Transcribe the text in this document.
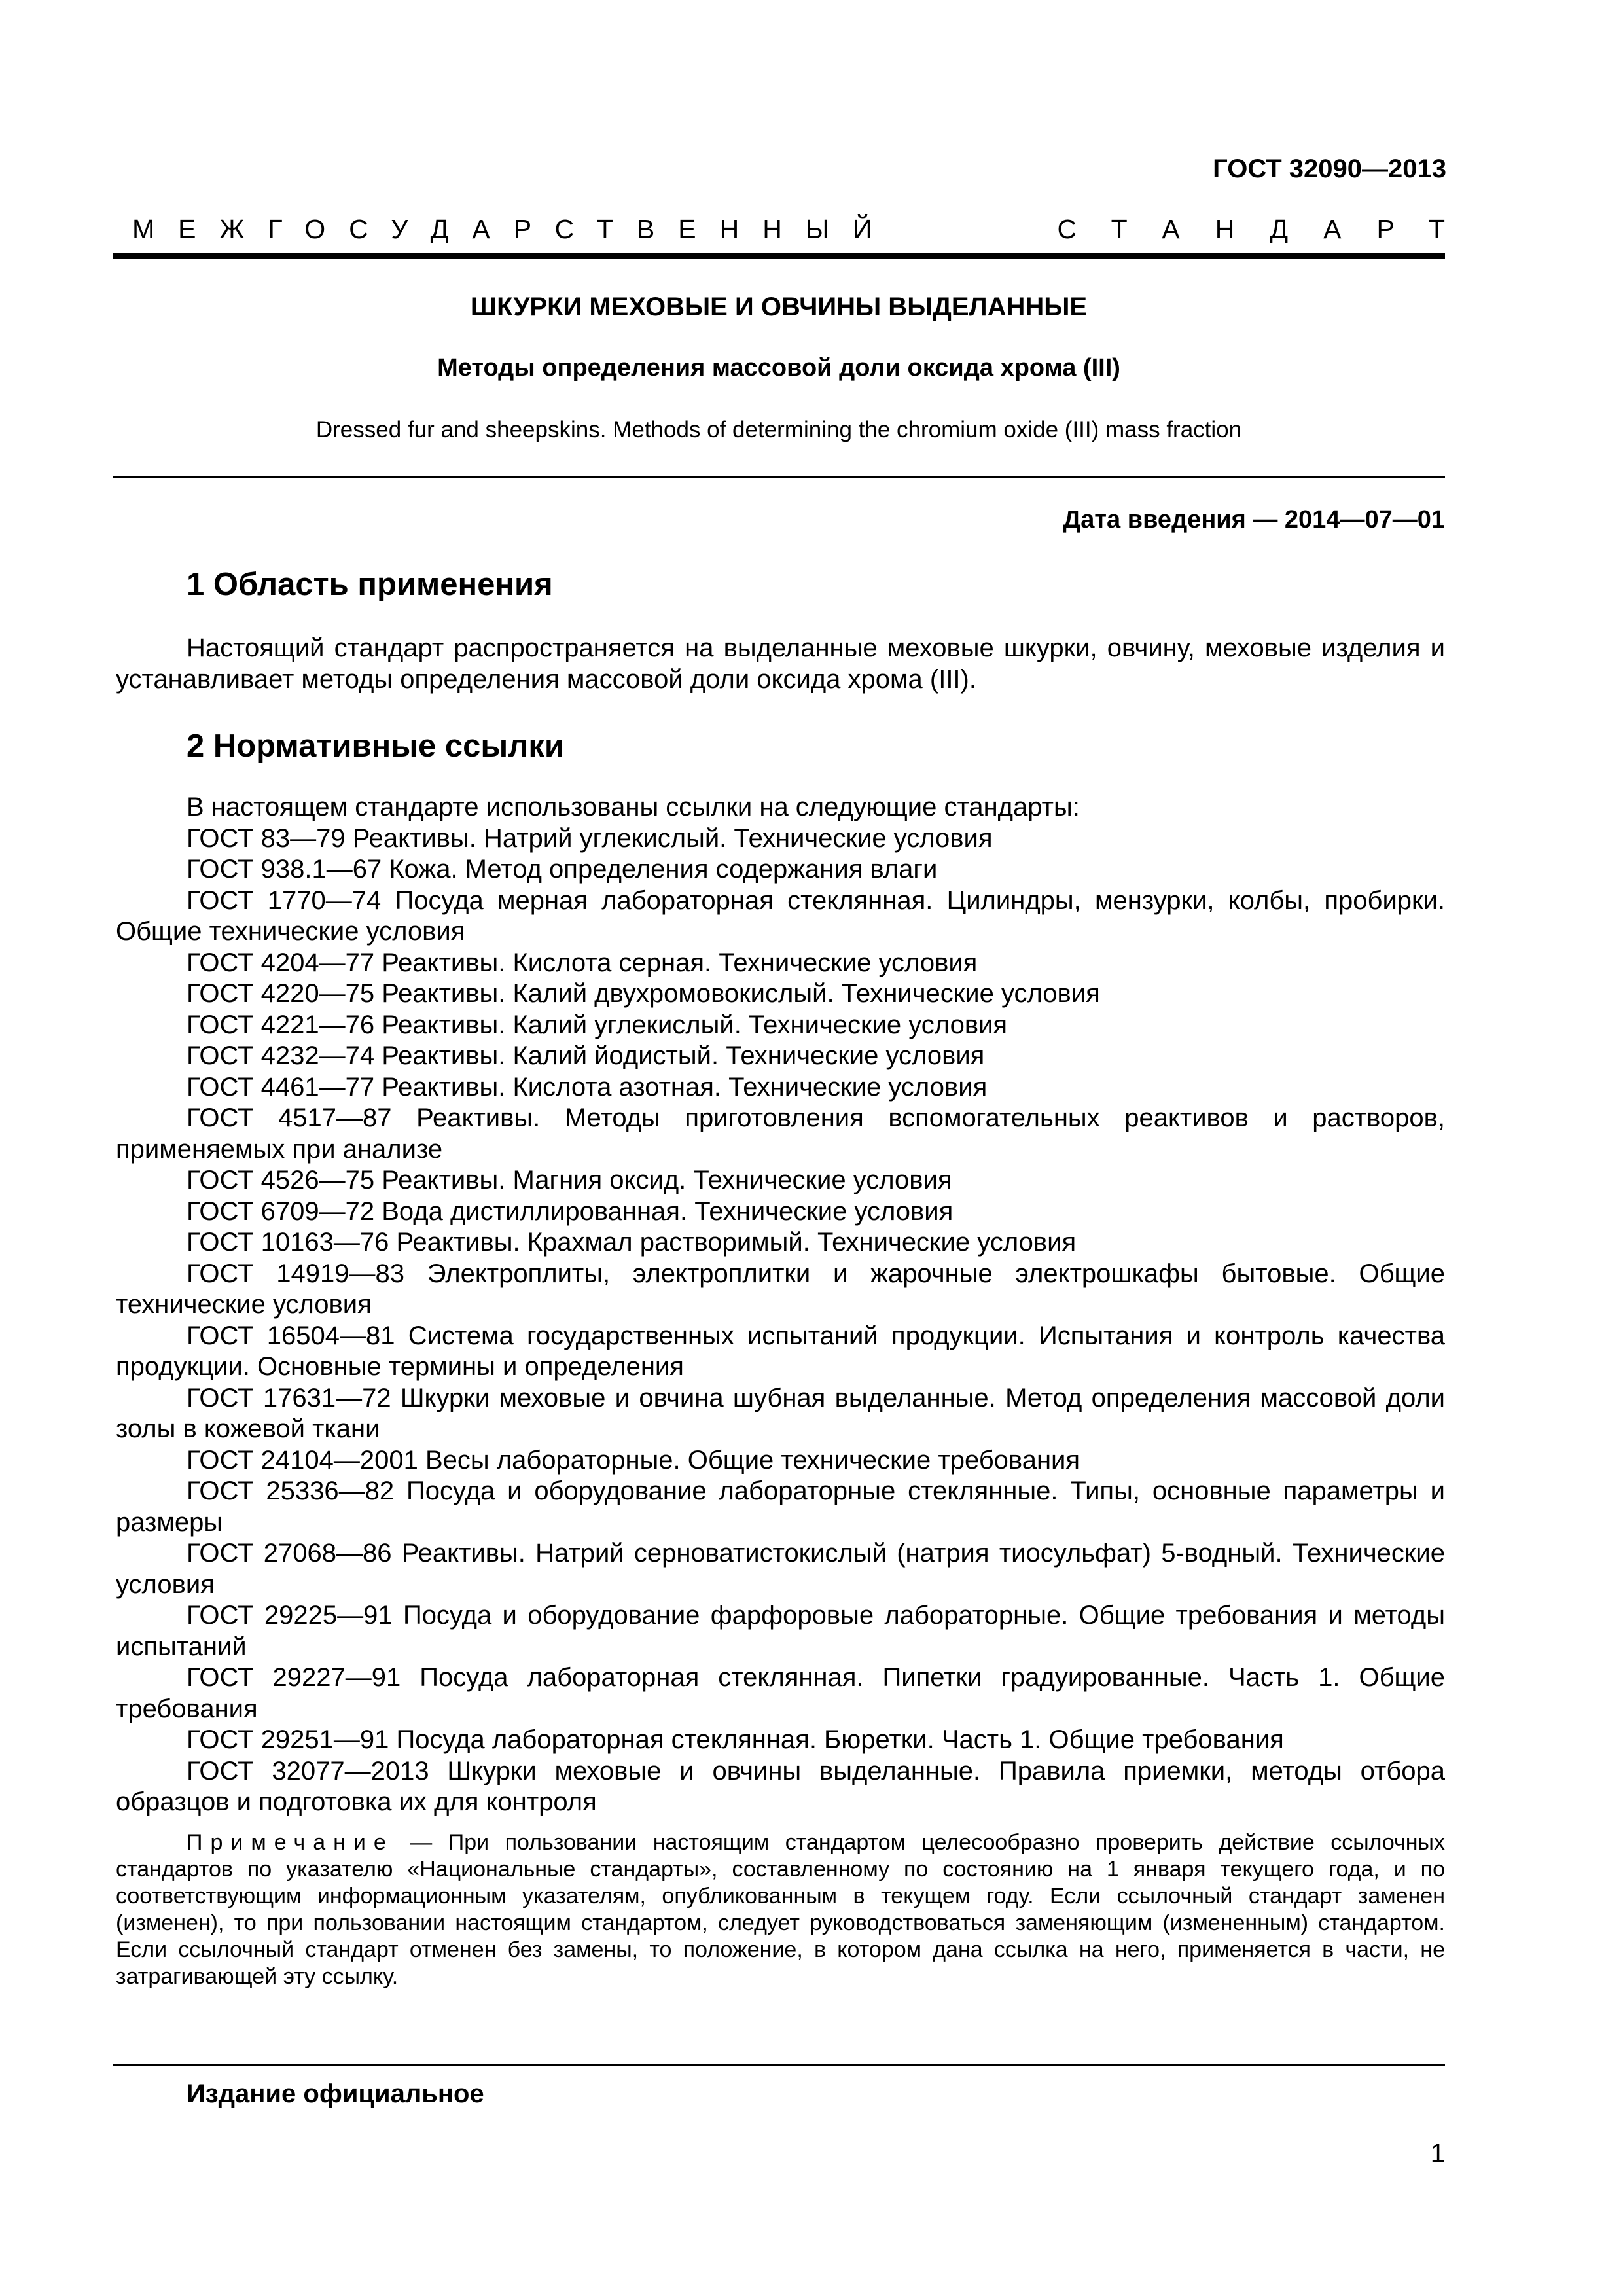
ГОСТ 32090—2013
МЕЖГОСУДАРСТВЕННЫЙ	СТАНДАРТ
ШКУРКИ МЕХОВЫЕ И ОВЧИНЫ ВЫДЕЛАННЫЕ
Методы определения массовой доли оксида хрома (III)
Dressed fur and sheepskins. Methods of determining the chromium oxide (III) mass fraction
Дата введения — 2014—07—01
1 Область применения

Настоящий стандарт распространяется на выделанные меховые шкурки, овчину, меховые изделия и устанавливает методы определения массовой доли оксида хрома (III).

2 Нормативные ссылки
В настоящем стандарте использованы ссылки на следующие стандарты:
ГОСТ 83—79 Реактивы. Натрий углекислый. Технические условия
ГОСТ 938.1—67 Кожа. Метод определения содержания влаги
ГОСТ 1770—74 Посуда мерная лабораторная стеклянная. Цилиндры, мензурки, колбы, пробирки. Общие технические условия
ГОСТ 4204—77 Реактивы. Кислота серная. Технические условия
ГОСТ 4220—75 Реактивы. Калий двухромовокислый. Технические условия
ГОСТ 4221—76 Реактивы. Калий углекислый. Технические условия
ГОСТ 4232—74 Реактивы. Калий йодистый. Технические условия
ГОСТ 4461—77 Реактивы. Кислота азотная. Технические условия
ГОСТ 4517—87 Реактивы. Методы приготовления вспомогательных реактивов и растворов, применяемых при анализе
ГОСТ 4526—75 Реактивы. Магния оксид. Технические условия
ГОСТ 6709—72 Вода дистиллированная. Технические условия
ГОСТ 10163—76 Реактивы. Крахмал растворимый. Технические условия
ГОСТ 14919—83 Электроплиты, электроплитки и жарочные электрошкафы бытовые. Общие технические условия
ГОСТ 16504—81 Система государственных испытаний продукции. Испытания и контроль качества продукции. Основные термины и определения
ГОСТ 17631—72 Шкурки меховые и овчина шубная выделанные. Метод определения массовой доли золы в кожевой ткани
ГОСТ 24104—2001 Весы лабораторные. Общие технические требования
ГОСТ 25336—82 Посуда и оборудование лабораторные стеклянные. Типы, основные параметры и размеры
ГОСТ 27068—86 Реактивы. Натрий серноватистокислый (натрия тиосульфат) 5-водный. Технические условия
ГОСТ 29225—91 Посуда и оборудование фарфоровые лабораторные. Общие требования и методы испытаний
ГОСТ 29227—91 Посуда лабораторная стеклянная. Пипетки градуированные. Часть 1. Общие требования
ГОСТ 29251—91 Посуда лабораторная стеклянная. Бюретки. Часть 1. Общие требования
ГОСТ 32077—2013 Шкурки меховые и овчины выделанные. Правила приемки, методы отбора образцов и подготовка их для контроля

Примечание — При пользовании настоящим стандартом целесообразно проверить действие ссылочных стандартов по указателю «Национальные стандарты», составленному по состоянию на 1 января текущего года, и по соответствующим информационным указателям, опубликованным в текущем году. Если ссылочный стандарт заменен (изменен), то при пользовании настоящим стандартом, следует руководствоваться заменяющим (измененным) стандартом. Если ссылочный стандарт отменен без замены, то положение, в котором дана ссылка на него, применяется в части, не затрагивающей эту ссылку.

Издание официальное
1
